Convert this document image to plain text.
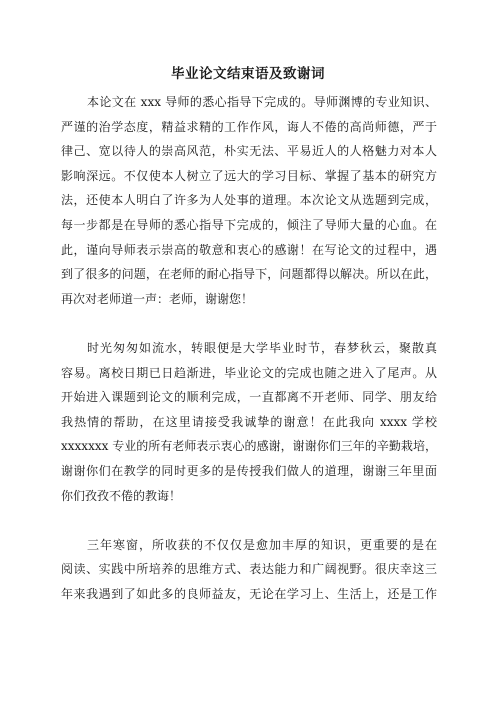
毕业论文结束语及致谢词
本论文在 xxx 导师的悉心指导下完成的。导师渊博的专业知识、
严谨的治学态度，精益求精的工作作风，诲人不倦的高尚师德，严于
律己、宽以待人的崇高风范，朴实无法、平易近人的人格魅力对本人
影响深远。不仅使本人树立了远大的学习目标、掌握了基本的研究方
法，还使本人明白了许多为人处事的道理。本次论文从选题到完成，
每一步都是在导师的悉心指导下完成的，倾注了导师大量的心血。在
此，谨向导师表示崇高的敬意和衷心的感谢！在写论文的过程中，遇
到了很多的问题，在老师的耐心指导下，问题都得以解决。所以在此，
再次对老师道一声：老师，谢谢您！
时光匆匆如流水，转眼便是大学毕业时节，春梦秋云，聚散真
容易。离校日期已日趋渐进，毕业论文的完成也随之进入了尾声。从
开始进入课题到论文的顺利完成，一直都离不开老师、同学、朋友给
我热情的帮助，在这里请接受我诚挚的谢意！在此我向 xxxx 学校
xxxxxxx 专业的所有老师表示衷心的感谢，谢谢你们三年的辛勤栽培，
谢谢你们在教学的同时更多的是传授我们做人的道理，谢谢三年里面
你们孜孜不倦的教诲！
三年寒窗，所收获的不仅仅是愈加丰厚的知识，更重要的是在
阅读、实践中所培养的思维方式、表达能力和广阔视野。很庆幸这三
年来我遇到了如此多的良师益友，无论在学习上、生活上，还是工作
